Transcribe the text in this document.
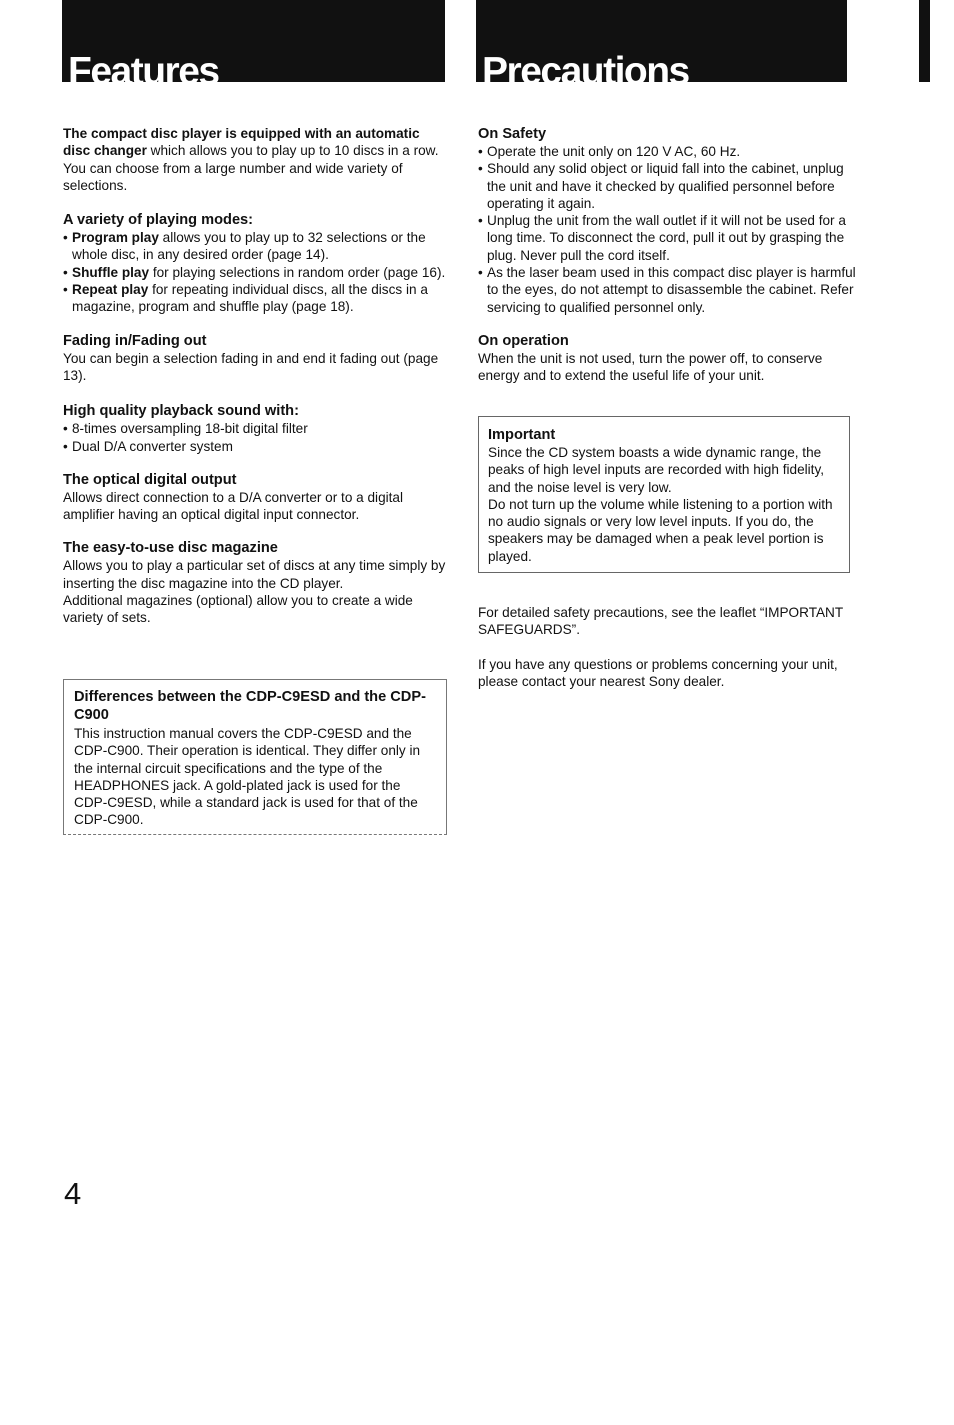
Features	Precautions

The compact disc player is equipped with an automatic disc changer which allows you to play up to 10 discs in a row. You can choose from a large number and wide variety of selections.

A variety of playing modes:
• Program play allows you to play up to 32 selections or the whole disc, in any desired order (page 14).
• Shuffle play for playing selections in random order (page 16).
• Repeat play for repeating individual discs, all the discs in a magazine, program and shuffle play (page 18).
Fading in/Fading out

You can begin a selection fading in and end it fading out (page 13).

High quality playback sound with:
• 8-times oversampling 18-bit digital filter
• Dual D/A converter system
The optical digital output

Allows direct connection to a D/A converter or to a digital amplifier having an optical digital input connector.

The easy-to-use disc magazine

Allows you to play a particular set of discs at any time simply by inserting the disc magazine into the CD player.

Additional magazines (optional) allow you to create a wide variety of sets.

Differences between the CDP-C9ESD and the CDP-C900

This instruction manual covers the CDP-C9ESD and the CDP-C900. Their operation is identical. They differ only in the internal circuit specifications and the type of the HEADPHONES jack. A gold-plated jack is used for the CDP-C9ESD, while a standard jack is used for that of the CDP-C900.

On Safety
• Operate the unit only on 120 V AC, 60 Hz.
• Should any solid object or liquid fall into the cabinet, unplug the unit and have it checked by qualified personnel before operating it again.
• Unplug the unit from the wall outlet if it will not be used for a long time. To disconnect the cord, pull it out by grasping the plug. Never pull the cord itself.
• As the laser beam used in this compact disc player is harmful to the eyes, do not attempt to disassemble the cabinet. Refer servicing to qualified personnel only.
On operation

When the unit is not used, turn the power off, to conserve energy and to extend the useful life of your unit.

Important

Since the CD system boasts a wide dynamic range, the peaks of high level inputs are recorded with high fidelity, and the noise level is very low.

Do not turn up the volume while listening to a portion with no audio signals or very low level inputs. If you do, the speakers may be damaged when a peak level portion is played.

For detailed safety precautions, see the leaflet “IMPORTANT SAFEGUARDS”.

If you have any questions or problems concerning your unit, please contact your nearest Sony dealer.

4
